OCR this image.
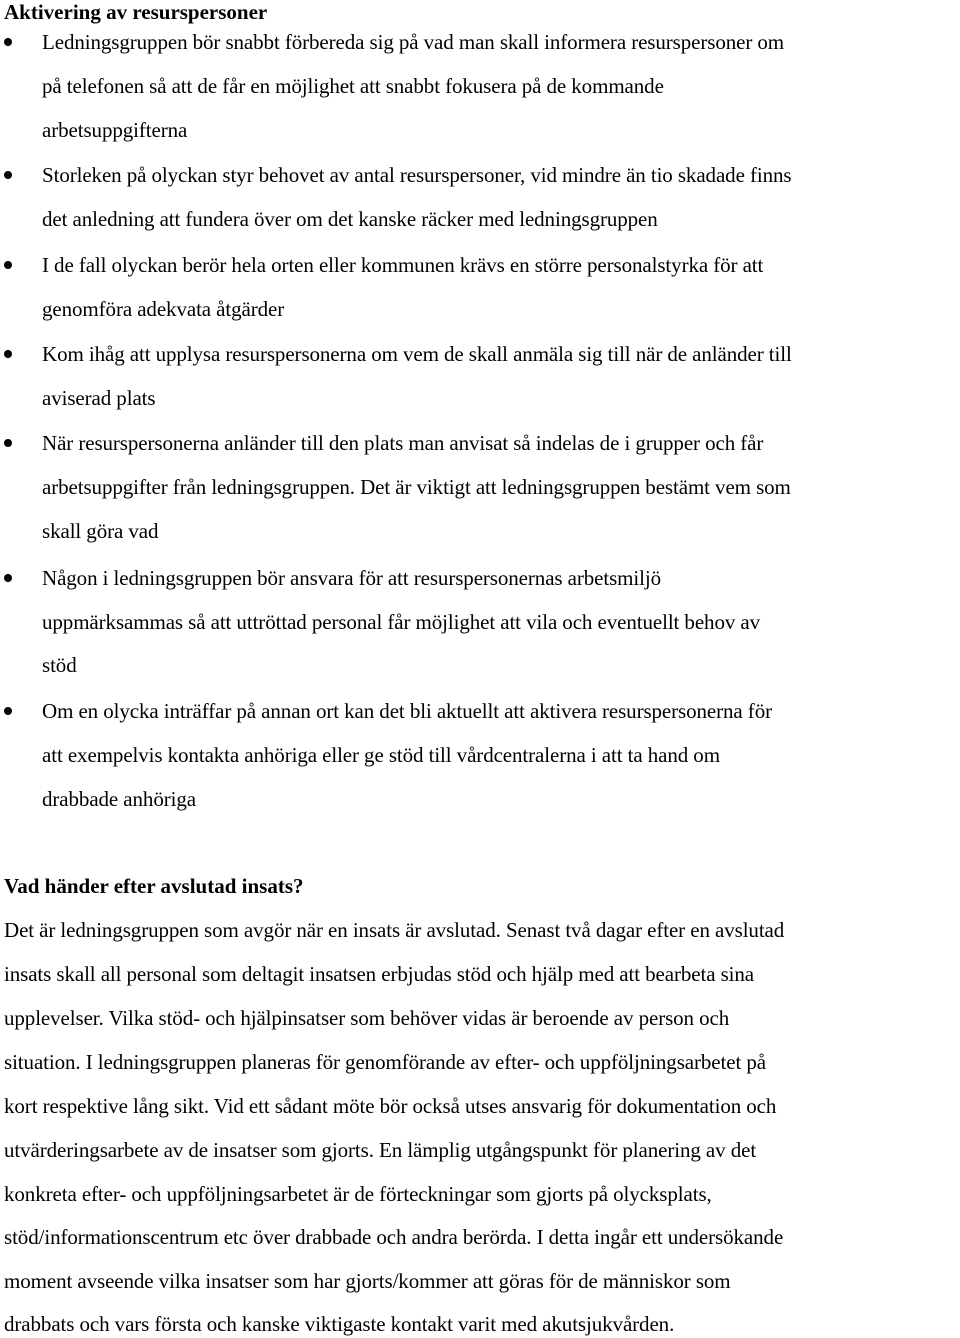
Aktivering av resurspersoner
Ledningsgruppen bör snabbt förbereda sig på vad man skall informera resurspersoner om
på telefonen så att de får en möjlighet att snabbt fokusera på de kommande
arbetsuppgifterna
Storleken på olyckan styr behovet av antal resurspersoner, vid mindre än tio skadade finns
det anledning att fundera över om det kanske räcker med ledningsgruppen
I de fall olyckan berör hela orten eller kommunen krävs en större personalstyrka för att
genomföra adekvata åtgärder
Kom ihåg att upplysa resurspersonerna om vem de skall anmäla sig till när de anländer till
aviserad plats
När resurspersonerna anländer till den plats man anvisat så indelas de i grupper och får
arbetsuppgifter från ledningsgruppen. Det är viktigt att ledningsgruppen bestämt vem som
skall göra vad
Någon i ledningsgruppen bör ansvara för att resurspersonernas arbetsmiljö
uppmärksammas så att uttröttad personal får möjlighet att vila och eventuellt behov av
stöd
Om en olycka inträffar på annan ort kan det bli aktuellt att aktivera resurspersonerna för
att exempelvis kontakta anhöriga eller ge stöd till vårdcentralerna i att ta hand om
drabbade anhöriga
Vad händer efter avslutad insats?
Det är ledningsgruppen som avgör när en insats är avslutad. Senast två dagar efter en avslutad
insats skall all personal som deltagit insatsen erbjudas stöd och hjälp med att bearbeta sina
upplevelser. Vilka stöd- och hjälpinsatser som behöver vidas är beroende av person och
situation. I ledningsgruppen planeras för genomförande av efter- och uppföljningsarbetet på
kort respektive lång sikt. Vid ett sådant möte bör också utses ansvarig för dokumentation och
utvärderingsarbete av de insatser som gjorts. En lämplig utgångspunkt för planering av det
konkreta efter- och uppföljningsarbetet är de förteckningar som gjorts på olycksplats,
stöd/informationscentrum etc över drabbade och andra berörda. I detta ingår ett undersökande
moment avseende vilka insatser som har gjorts/kommer att göras för de människor som
drabbats och vars första och kanske viktigaste kontakt varit med akutsjukvården.
